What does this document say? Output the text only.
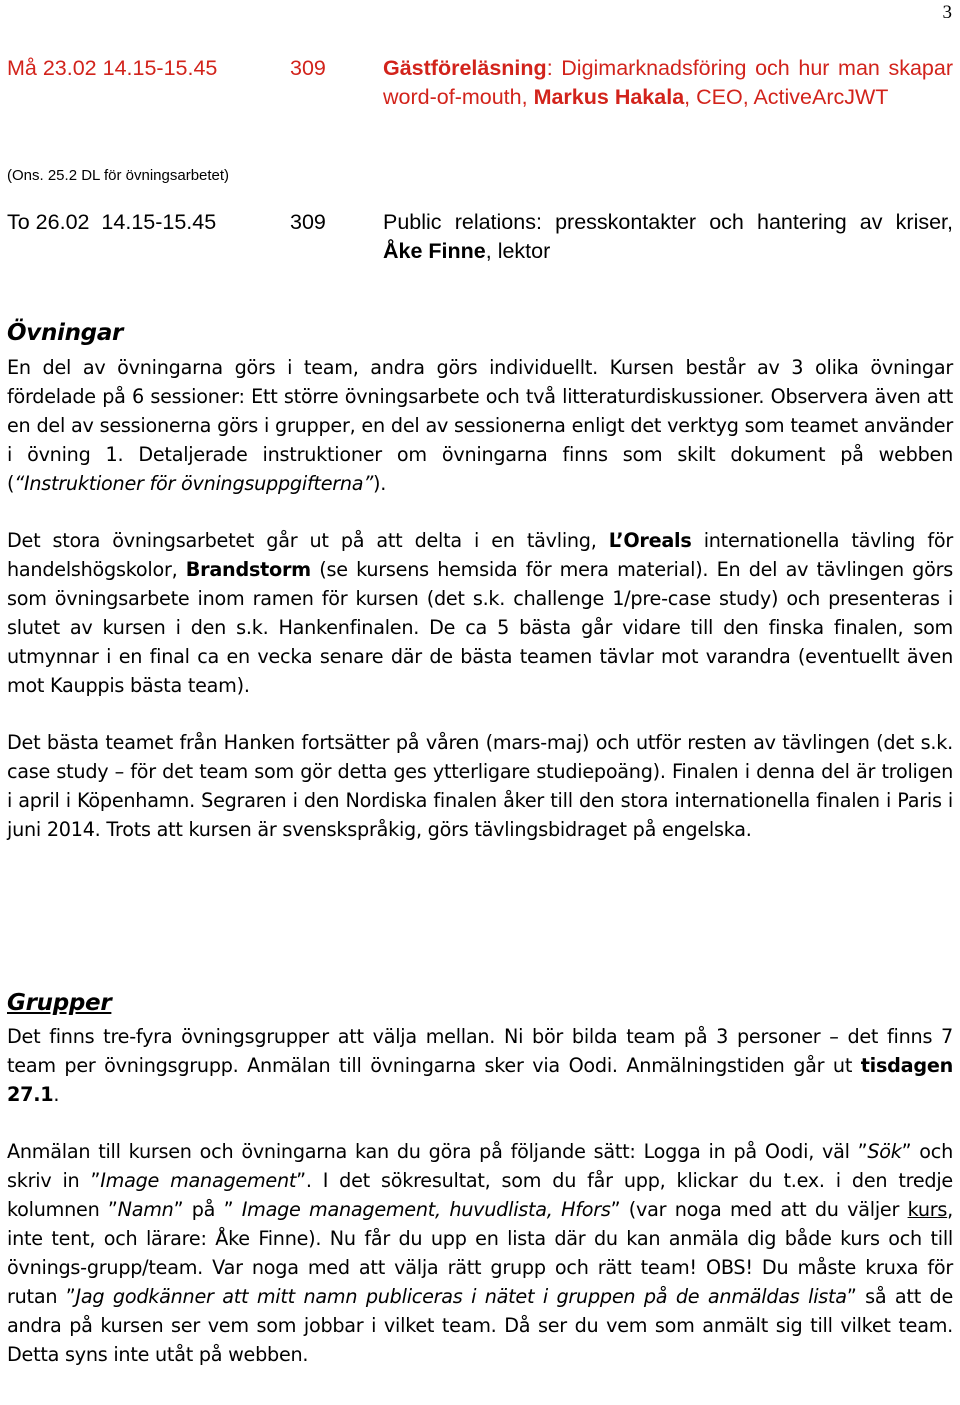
3
Må 23.02 14.15-15.45	309	Gästföreläsning: Digimarknadsföring och hur man skapar word-of-mouth, Markus Hakala, CEO, ActiveArcJWT
(Ons. 25.2 DL för övningsarbetet)
To 26.02  14.15-15.45	309	Public relations: presskontakter och hantering av kriser, Åke Finne, lektor
Övningar

En del av övningarna görs i team, andra görs individuellt. Kursen består av 3 olika övningar fördelade på 6 sessioner: Ett större övningsarbete och två litteraturdiskussioner. Observera även att en del av sessionerna görs i grupper, en del av sessionerna enligt det verktyg som teamet använder i övning 1. Detaljerade instruktioner om övningarna finns som skilt dokument på webben (“Instruktioner för övningsuppgifterna”).

Det stora övningsarbetet går ut på att delta i en tävling, L’Oreals internationella tävling för handelshögskolor, Brandstorm (se kursens hemsida för mera material). En del av tävlingen görs som övningsarbete inom ramen för kursen (det s.k. challenge 1/pre-case study) och presenteras i slutet av kursen i den s.k. Hankenfinalen. De ca 5 bästa går vidare till den finska finalen, som utmynnar i en final ca en vecka senare där de bästa teamen tävlar mot varandra (eventuellt även mot Kauppis bästa team).

Det bästa teamet från Hanken fortsätter på våren (mars-maj) och utför resten av tävlingen (det s.k. case study – för det team som gör detta ges ytterligare studiepoäng). Finalen i denna del är troligen i april i Köpenhamn. Segraren i den Nordiska finalen åker till den stora internationella finalen i Paris i juni 2014. Trots att kursen är svenskspråkig, görs tävlingsbidraget på engelska.

Grupper

Det finns tre-fyra övningsgrupper att välja mellan. Ni bör bilda team på 3 personer – det finns 7 team per övningsgrupp. Anmälan till övningarna sker via Oodi. Anmälningstiden går ut tisdagen 27.1.

Anmälan till kursen och övningarna kan du göra på följande sätt: Logga in på Oodi, väl ”Sök” och skriv in ”Image management”. I det sökresultat, som du får upp, klickar du t.ex. i den tredje kolumnen ”Namn” på ” Image management, huvudlista, Hfors” (var noga med att du väljer kurs, inte tent, och lärare: Åke Finne). Nu får du upp en lista där du kan anmäla dig både kurs och till övnings-grupp/team. Var noga med att välja rätt grupp och rätt team! OBS! Du måste kruxa för rutan ”Jag godkänner att mitt namn publiceras i nätet i gruppen på de anmäldas lista” så att de andra på kursen ser vem som jobbar i vilket team. Då ser du vem som anmält sig till vilket team. Detta syns inte utåt på webben.
